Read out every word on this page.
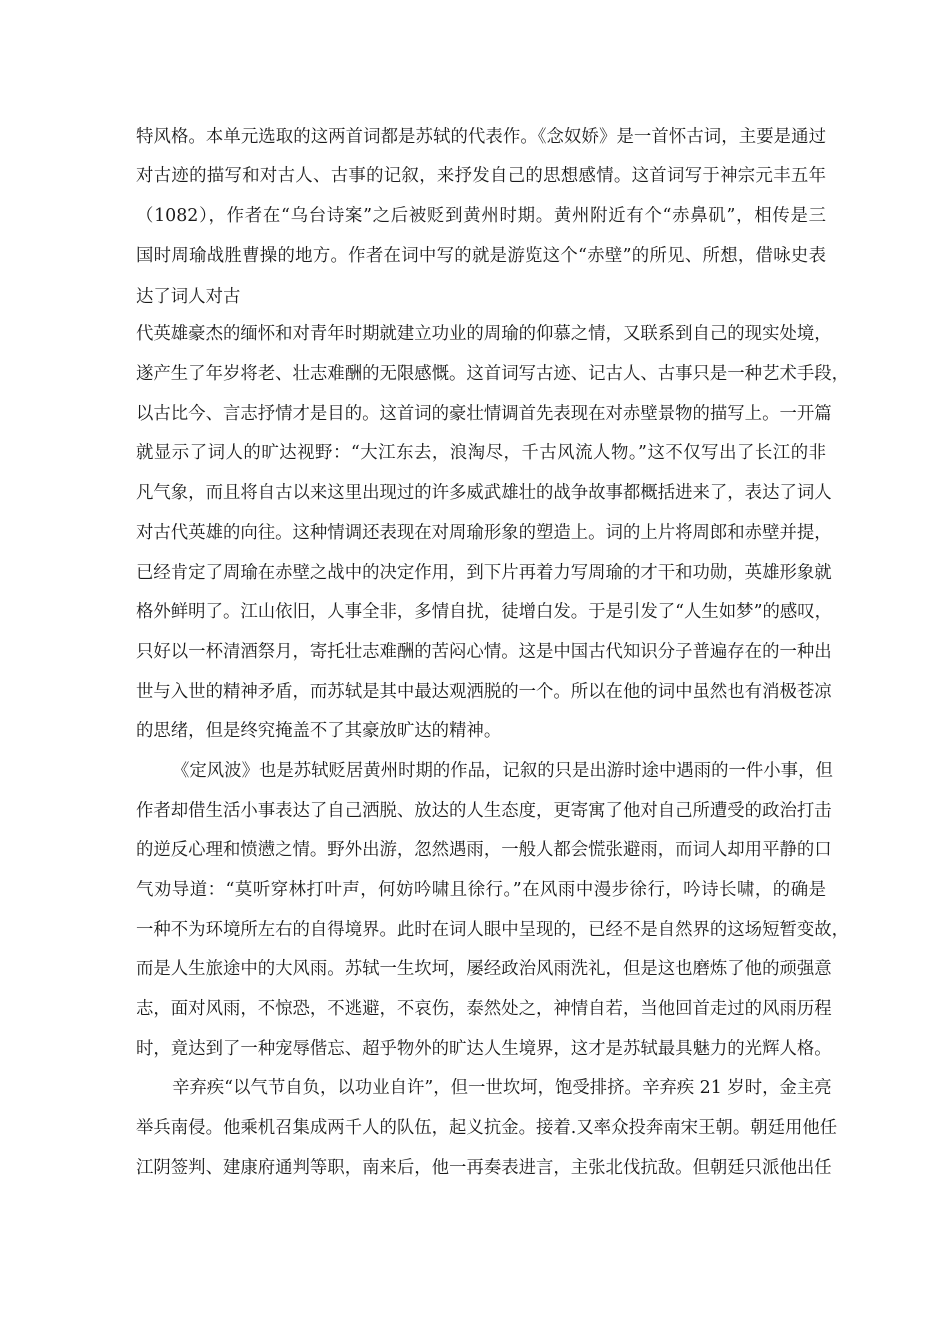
特风格。本单元选取的这两首词都是苏轼的代表作。《念奴娇》是一首怀古词，主要是通过
对古迹的描写和对古人、古事的记叙，来抒发自己的思想感情。这首词写于神宗元丰五年
（1082），作者在“乌台诗案”之后被贬到黄州时期。黄州附近有个“赤鼻矶”，相传是三
国时周瑜战胜曹操的地方。作者在词中写的就是游览这个“赤壁”的所见、所想，借咏史表
达了词人对古
代英雄豪杰的缅怀和对青年时期就建立功业的周瑜的仰慕之情，又联系到自己的现实处境，
遂产生了年岁将老、壮志难酬的无限感慨。这首词写古迹、记古人、古事只是一种艺术手段，
以古比今、言志抒情才是目的。这首词的豪壮情调首先表现在对赤壁景物的描写上。一开篇
就显示了词人的旷达视野：“大江东去，浪淘尽，千古风流人物。”这不仅写出了长江的非
凡气象，而且将自古以来这里出现过的许多威武雄壮的战争故事都概括进来了，表达了词人
对古代英雄的向往。这种情调还表现在对周瑜形象的塑造上。词的上片将周郎和赤壁并提，
已经肯定了周瑜在赤壁之战中的决定作用，到下片再着力写周瑜的才干和功勋，英雄形象就
格外鲜明了。江山依旧，人事全非，多情自扰，徒增白发。于是引发了“人生如梦”的感叹，
只好以一杯清酒祭月，寄托壮志难酬的苦闷心情。这是中国古代知识分子普遍存在的一种出
世与入世的精神矛盾，而苏轼是其中最达观洒脱的一个。所以在他的词中虽然也有消极苍凉
的思绪，但是终究掩盖不了其豪放旷达的精神。
《定风波》也是苏轼贬居黄州时期的作品，记叙的只是出游时途中遇雨的一件小事，但
作者却借生活小事表达了自己洒脱、放达的人生态度，更寄寓了他对自己所遭受的政治打击
的逆反心理和愤懑之情。野外出游，忽然遇雨，一般人都会慌张避雨，而词人却用平静的口
气劝导道：“莫听穿林打叶声，何妨吟啸且徐行。”在风雨中漫步徐行，吟诗长啸，的确是
一种不为环境所左右的自得境界。此时在词人眼中呈现的，已经不是自然界的这场短暂变故，
而是人生旅途中的大风雨。苏轼一生坎坷，屡经政治风雨洗礼，但是这也磨炼了他的顽强意
志，面对风雨，不惊恐，不逃避，不哀伤，泰然处之，神情自若，当他回首走过的风雨历程
时，竟达到了一种宠辱偕忘、超乎物外的旷达人生境界，这才是苏轼最具魅力的光辉人格。
辛弃疾“以气节自负，以功业自许”，但一世坎坷，饱受排挤。辛弃疾 21 岁时，金主亮
举兵南侵。他乘机召集成两千人的队伍，起义抗金。接着.又率众投奔南宋王朝。朝廷用他任
江阴签判、建康府通判等职，南来后，他一再奏表进言，主张北伐抗敌。但朝廷只派他出任
